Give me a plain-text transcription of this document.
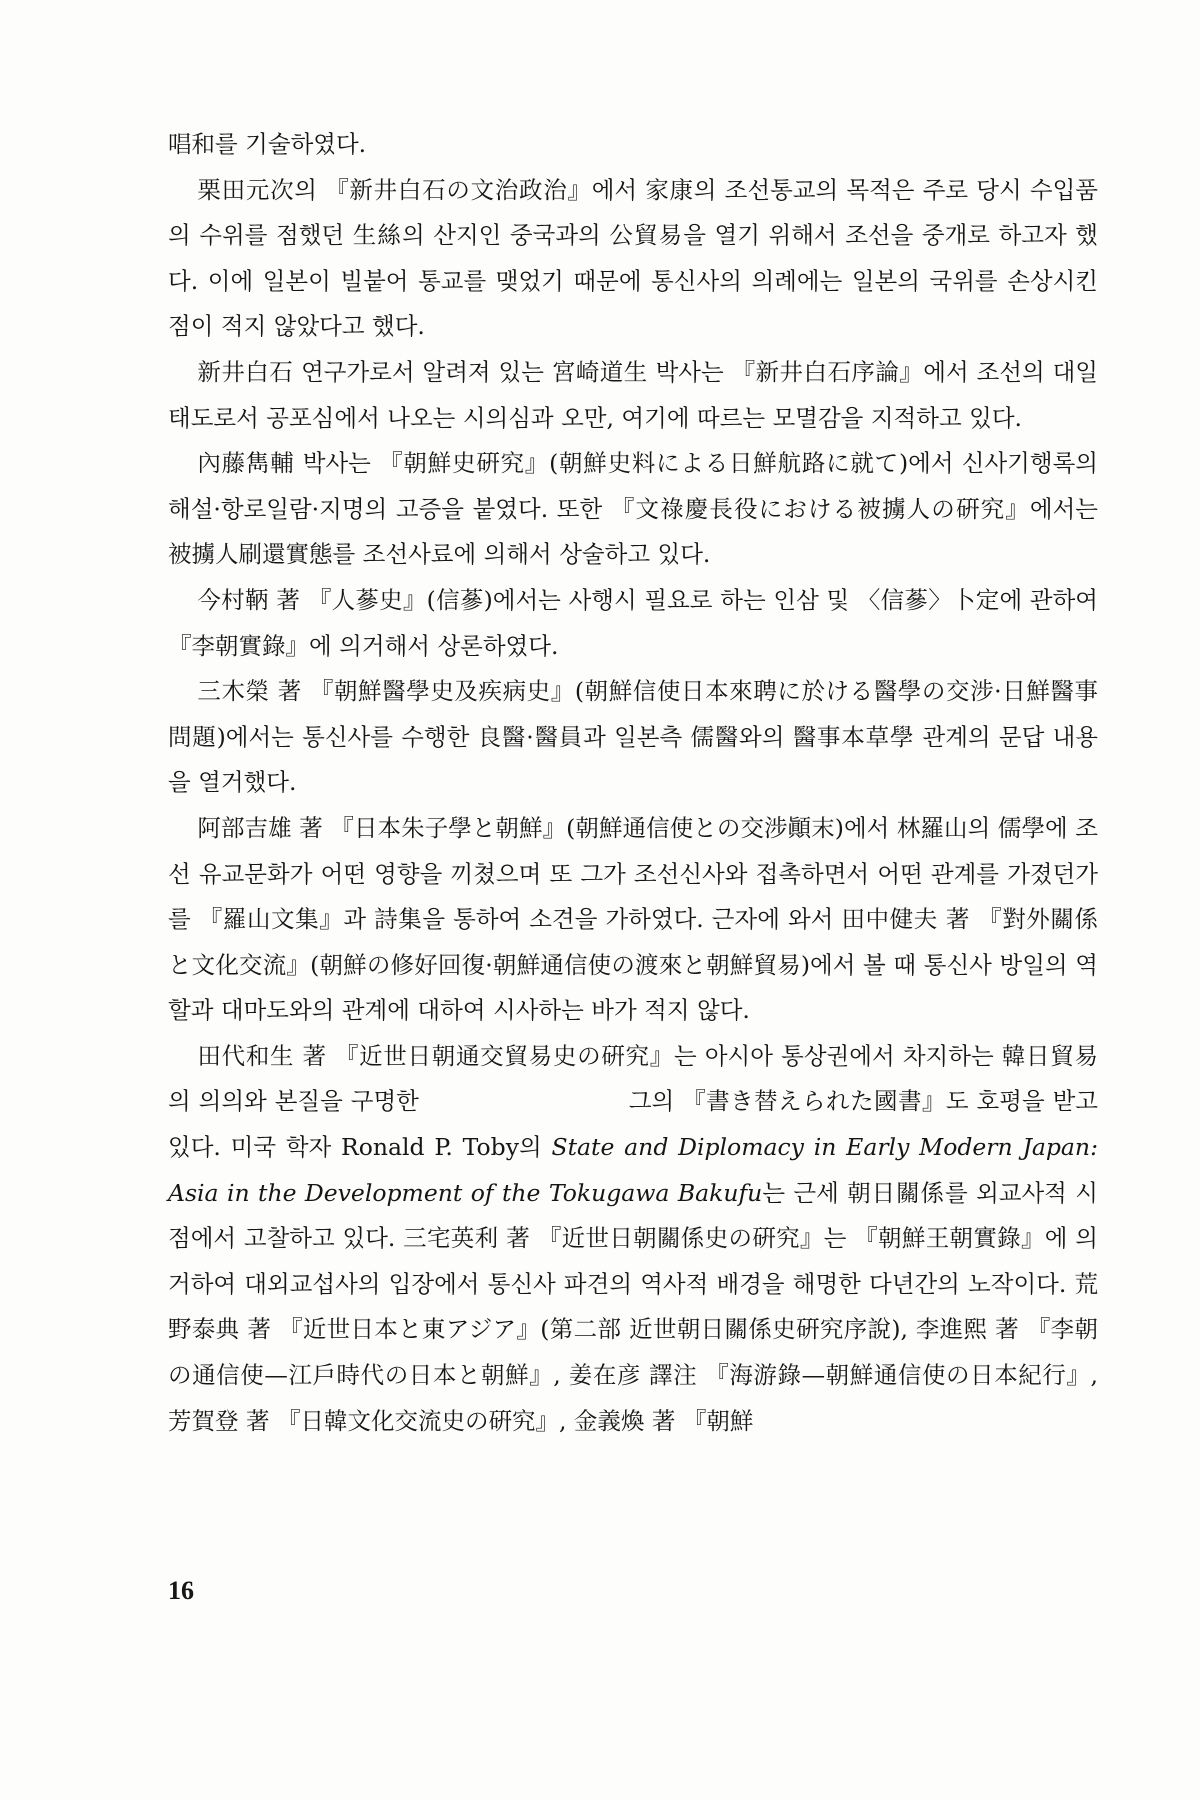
唱和를 기술하였다.

栗田元次의 『新井白石の文治政治』에서 家康의 조선통교의 목적은 주로 당시 수입품의 수위를 점했던 生絲의 산지인 중국과의 公貿易을 열기 위해서 조선을 중개로 하고자 했다. 이에 일본이 빌붙어 통교를 맺었기 때문에 통신사의 의례에는 일본의 국위를 손상시킨 점이 적지 않았다고 했다.

新井白石 연구가로서 알려져 있는 宮崎道生 박사는 『新井白石序論』에서 조선의 대일태도로서 공포심에서 나오는 시의심과 오만, 여기에 따르는 모멸감을 지적하고 있다.

內藤雋輔 박사는 『朝鮮史硏究』(朝鮮史料による日鮮航路に就て)에서 신사기행록의 해설·항로일람·지명의 고증을 붙였다. 또한 『文祿慶長役における被擄人の硏究』에서는 被擄人刷還實態를 조선사료에 의해서 상술하고 있다.

今村鞆 著 『人蔘史』(信蔘)에서는 사행시 필요로 하는 인삼 및 〈信蔘〉卜定에 관하여 『李朝實錄』에 의거해서 상론하였다.

三木榮 著 『朝鮮醫學史及疾病史』(朝鮮信使日本來聘に於ける醫學の交涉·日鮮醫事問題)에서는 통신사를 수행한 良醫·醫員과 일본측 儒醫와의 醫事本草學 관계의 문답 내용을 열거했다.

阿部吉雄 著 『日本朱子學と朝鮮』(朝鮮通信使との交涉顚末)에서 林羅山의 儒學에 조선 유교문화가 어떤 영향을 끼쳤으며 또 그가 조선신사와 접촉하면서 어떤 관계를 가졌던가를 『羅山文集』과 詩集을 통하여 소견을 가하였다. 근자에 와서 田中健夫 著 『對外關係と文化交流』(朝鮮の修好回復·朝鮮通信使の渡來と朝鮮貿易)에서 볼 때 통신사 방일의 역할과 대마도와의 관계에 대하여 시사하는 바가 적지 않다.

田代和生 著 『近世日朝通交貿易史の硏究』는 아시아 통상권에서 차지하는 韓日貿易의 의의와 본질을 구명한	그의 『書き替えられた國書』도 호평을 받고 있다. 미국 학자 Ronald P. Toby의 State and Diplomacy in Early Modern Japan: Asia in the Development of the Tokugawa Bakufu는 근세 朝日關係를 외교사적 시점에서 고찰하고 있다. 三宅英利 著 『近世日朝關係史の硏究』는 『朝鮮王朝實錄』에 의거하여 대외교섭사의 입장에서 통신사 파견의 역사적 배경을 해명한 다년간의 노작이다. 荒野泰典 著 『近世日本と東アジア』(第二部 近世朝日關係史硏究序說), 李進熙 著 『李朝の通信使—江戶時代の日本と朝鮮』, 姜在彦 譯注 『海游錄—朝鮮通信使の日本紀行』, 芳賀登 著 『日韓文化交流史の硏究』, 金義煥 著 『朝鮮

16
